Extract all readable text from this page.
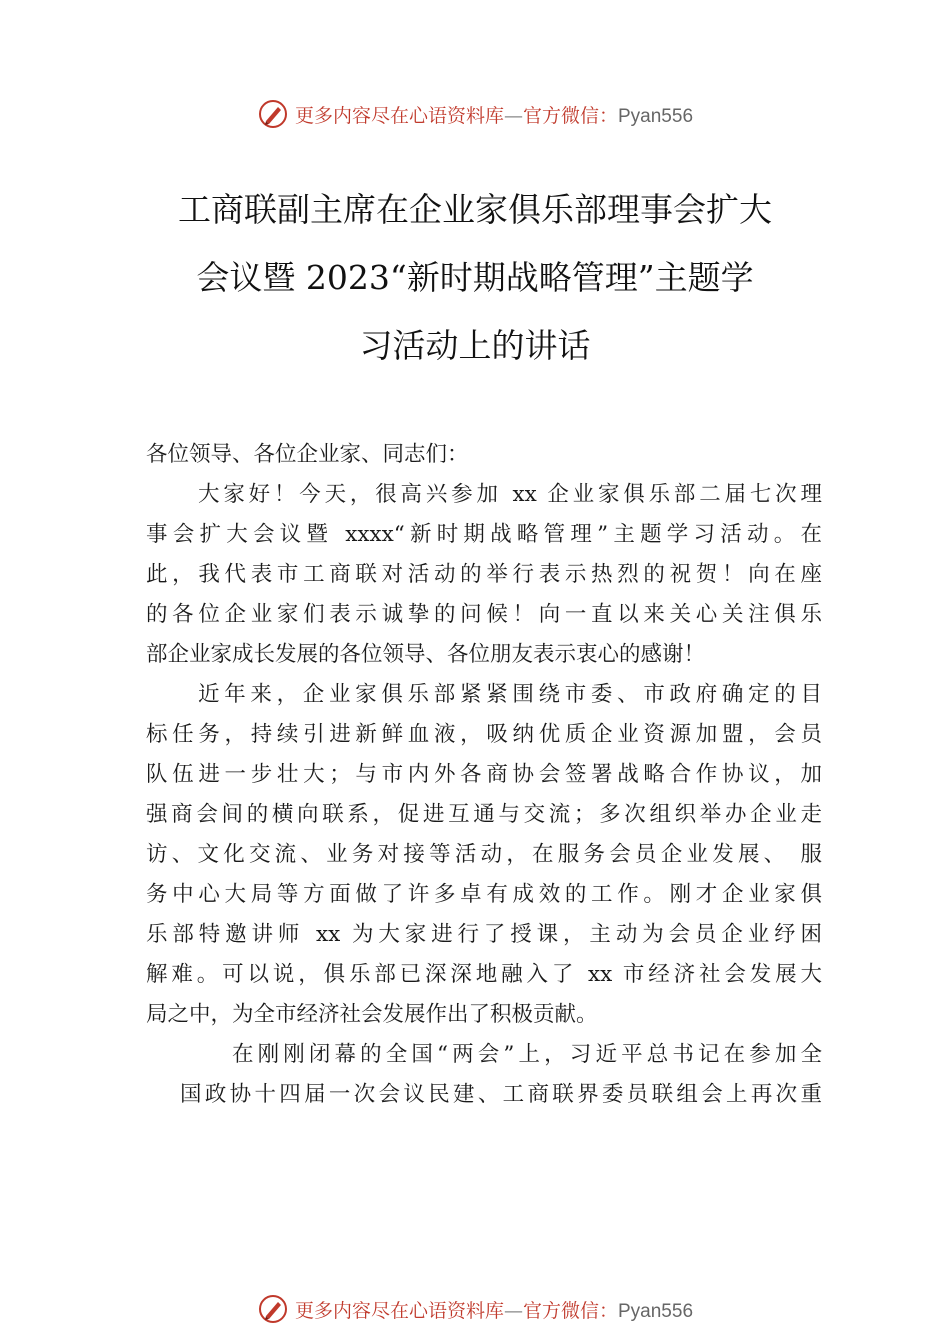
更多内容尽在心语资料库—官方微信：Pyan556
工商联副主席在企业家俱乐部理事会扩大
会议暨 2023“新时期战略管理”主题学
习活动上的讲话
各位领导、各位企业家、同志们：
大家好！今天，很高兴参加 xx 企业家俱乐部二届七次理
事会扩大会议暨 xxxx“新时期战略管理”主题学习活动。在
此，我代表市工商联对活动的举行表示热烈的祝贺！向在座
的各位企业家们表示诚挚的问候！向一直以来关心关注俱乐
部企业家成长发展的各位领导、各位朋友表示衷心的感谢！
近年来，企业家俱乐部紧紧围绕市委、市政府确定的目
标任务，持续引进新鲜血液，吸纳优质企业资源加盟，会员
队伍进一步壮大；与市内外各商协会签署战略合作协议，加
强商会间的横向联系，促进互通与交流；多次组织举办企业走
访、文化交流、业务对接等活动，在服务会员企业发展、 服
务中心大局等方面做了许多卓有成效的工作。刚才企业家俱
乐部特邀讲师 xx 为大家进行了授课，主动为会员企业纾困
解难。可以说，俱乐部已深深地融入了 xx 市经济社会发展大
局之中，为全市经济社会发展作出了积极贡献。
在刚刚闭幕的全国“两会”上，习近平总书记在参加全
国政协十四届一次会议民建、工商联界委员联组会上再次重
更多内容尽在心语资料库—官方微信：Pyan556
